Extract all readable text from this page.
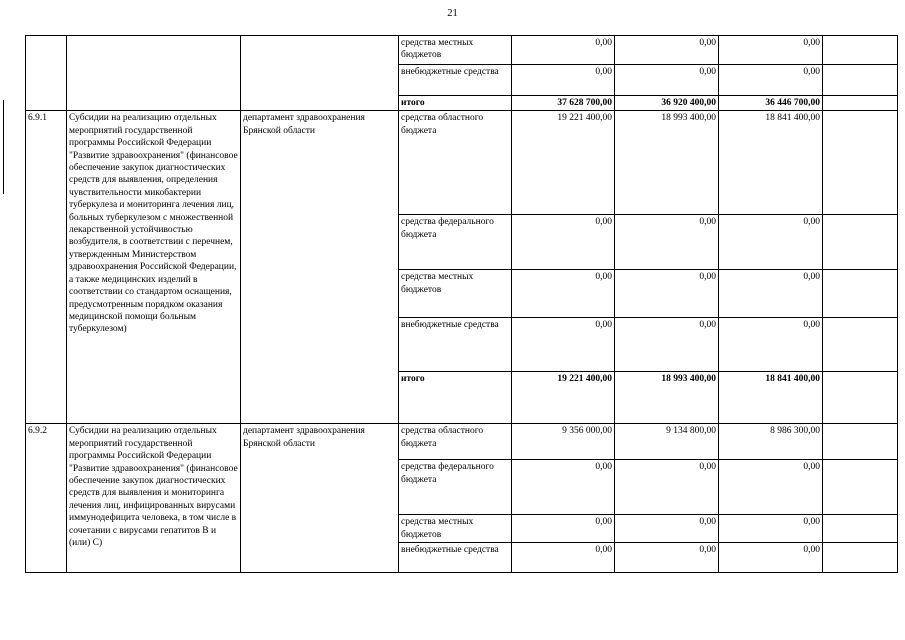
21
			средства местных бюджетов	0,00	0,00	0,00	
			внебюджетные средства	0,00	0,00	0,00	
			итого	37 628 700,00	36 920 400,00	36 446 700,00	
6.9.1	Субсидии на реализацию отдельных мероприятий государственной программы Российской Федерации "Развитие здравоохранения" (финансовое обеспечение закупок диагностических средств для выявления, определения чувствительности микобактерии туберкулеза и мониторинга лечения лиц, больных туберкулезом с множественной лекарственной устойчивостью возбудителя, в соответствии с перечнем, утвержденным Министерством здравоохранения Российской Федерации, а также медицинских изделий в соответствии со стандартом оснащения, предусмотренным порядком оказания медицинской помощи больным туберкулезом)	департамент здравоохранения Брянской области	средства областного бюджета	19 221 400,00	18 993 400,00	18 841 400,00	
			средства федерального бюджета	0,00	0,00	0,00	
			средства местных бюджетов	0,00	0,00	0,00	
			внебюджетные средства	0,00	0,00	0,00	
			итого	19 221 400,00	18 993 400,00	18 841 400,00	
6.9.2	Субсидии на реализацию отдельных мероприятий государственной программы Российской Федерации "Развитие здравоохранения" (финансовое обеспечение закупок диагностических средств для выявления и мониторинга лечения лиц, инфицированных вирусами иммунодефицита человека, в том числе в сочетании с вирусами гепатитов В и (или) С)	департамент здравоохранения Брянской области	средства областного бюджета	9 356 000,00	9 134 800,00	8 986 300,00	
			средства федерального бюджета	0,00	0,00	0,00	
			средства местных бюджетов	0,00	0,00	0,00	
			внебюджетные средства	0,00	0,00	0,00	
